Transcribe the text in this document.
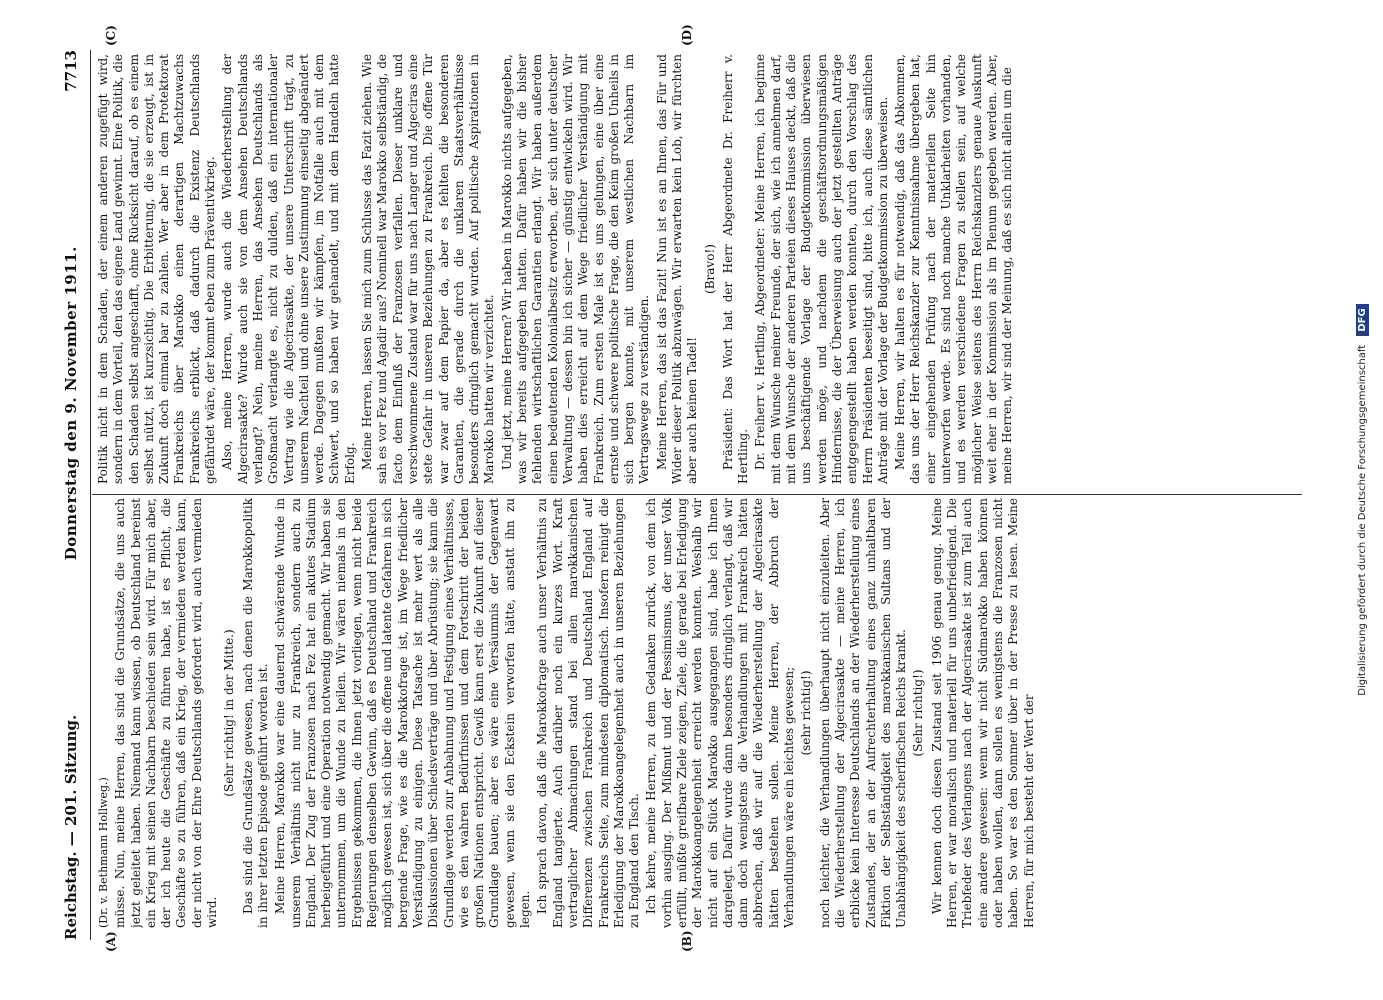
Reichstag. — 201. Sitzung.
Donnerstag den 9. November 1911.
7713
(A)	(B)
(C)	(D)

(Dr. v. Bethmann Hollweg.) müsse. Nun, meine Herren, das sind die Grundsätze, die uns auch jetzt geleitet haben. Niemand kann wissen, ob Deutschland bereinst ein Krieg mit seinen Nachbarn beschieden sein wird. Für mich aber, der ich heute die Geschäfte zu führen habe, ist es Pflicht, die Geschäfte so zu führen, daß ein Krieg, der vermieden werden kann, der nicht von der Ehre Deutschlands gefordert wird, auch vermieden wird.

(Sehr richtig! in der Mitte.) Das sind die Grundsätze gewesen, nach denen die Marokkopolitik in ihrer letzten Episode geführt worden ist. Meine Herren, Marokko war eine dauernd schwärende Wunde in unserem Verhältnis nicht nur zu Frankreich, sondern auch zu England. Der Zug der Franzosen nach Fez hat ein akutes Stadium herbeigeführt und eine Operation notwendig gemacht. Wir haben sie unternommen, um die Wunde zu heilen. Wir wären niemals in den Ergebnissen gekommen, die Ihnen jetzt vorliegen, wenn nicht beide Regierungen denselben Gewinn, daß es Deutschland und Frankreich möglich gewesen ist, sich über die offene und latente Gefahren in sich bergende Frage, wie es die Marokkofrage ist, im Wege friedlicher Verständigung zu einigen. Diese Tatsache ist mehr wert als alle Diskussionen über Schiedsverträge und über Abrüstung; sie kann die Grundlage werden zur Anbahnung und Festigung eines Verhältnisses, wie es den wahren Bedürfnissen und dem Fortschritt der beiden großen Nationen entspricht. Gewiß kann erst die Zukunft auf dieser Grundlage bauen; aber es wäre eine Versäumnis der Gegenwart gewesen, wenn sie den Eckstein verworfen hätte, anstatt ihn zu legen. Ich sprach davon, daß die Marokkofrage auch unser Verhältnis zu England tangierte. Auch darüber noch ein kurzes Wort. Kraft vertraglicher Abmachungen stand bei allen marokkanischen Differenzen zwischen Frankreich und Deutschland England auf Frankreichs Seite, zum mindesten diplomatisch. Insofern reinigt die Erledigung der Marokkoangelegenheit auch in unseren Beziehungen zu England den Tisch. Ich kehre, meine Herren, zu dem Gedanken zurück, von dem ich vorhin ausging. Der Mißmut und der Pessimismus, der unser Volk erfüllt, müßte greifbare Ziele zeigen, Ziele, die gerade bei Erledigung der Marokkoangelegenheit erreicht werden konnten. Weshalb wir nicht auf ein Stück Marokko ausgegangen sind, habe ich Ihnen dargelegt. Dafür wurde dann besonders dringlich verlangt, daß wir dann doch wenigstens die Verhandlungen mit Frankreich hätten abbrechen, daß wir auf die Wiederherstellung der Algecirasakte hätten bestehen sollen. Meine Herren, der Abbruch der Verhandlungen wäre ein leichtes gewesen; (sehr richtig!) noch leichter, die Verhandlungen überhaupt nicht einzuleiten. Aber die Wiederherstellung der Algecirasakte — meine Herren, ich erblicke kein Interesse Deutschlands an der Wiederherstellung eines Zustandes, der an der Aufrechterhaltung eines ganz unhaltbaren Fiktion der Selbständigkeit des marokkanischen Sultans und der Unabhängigkeit des scherifischen Reichs krankt. (Sehr richtig!) Wir kennen doch diesen Zustand seit 1906 genau genug. Meine Herren, er war moralisch und materiell für uns unbefriedigend. Die Triebfeder des Verlangens nach der Algecirasakte ist zum Teil auch eine andere gewesen: wenn wir nicht Südmarokko haben können oder haben wollen, dann sollen es wenigstens die Franzosen nicht haben. So war es den Sommer über in der Presse zu lesen. Meine Herren, für mich besteht der Wert der

Politik nicht in dem Schaden, der einem anderen zugefügt wird, sondern in dem Vorteil, den das eigene Land gewinnt. Eine Politik, die den Schaden selbst angeschafft, ohne Rücksicht darauf, ob es einem selbst nützt, ist kurzsichtig. Die Erbitterung, die sie erzeugt, ist in Zukunft doch einmal bar zu zahlen. Wer aber in dem Protektorat Frankreichs über Marokko einen derartigen Machtzuwachs Frankreichs erblickt, daß dadurch die Existenz Deutschlands gefährdet wäre, der kommt eben zum Präventivkrieg. Also, meine Herren, wurde auch die Wiederherstellung der Algecirasakte? Wurde auch sie von dem Ansehen Deutschlands verlangt? Nein, meine Herren, das Ansehen Deutschlands als Großmacht verlangte es, nicht zu dulden, daß ein internationaler Vertrag wie die Algecirasakte, der unsere Unterschrift trägt, zu unserem Nachteil und ohne unsere Zustimmung einseitig abgeändert werde. Dagegen mußten wir kämpfen, im Notfalle auch mit dem Schwert, und so haben wir gehandelt, und mit dem Handeln hatte Erfolg. Meine Herren, lassen Sie mich zum Schlusse das Fazit ziehen. Wie sah es vor Fez und Agadir aus? Nominell war Marokko selbständig, de facto dem Einfluß der Franzosen verfallen. Dieser unklare und verschwommene Zustand war für uns nach Langer und Algeciras eine stete Gefahr in unseren Beziehungen zu Frankreich. Die offene Tür war zwar auf dem Papier da, aber es fehlten die besonderen Garantien, die gerade durch die unklaren Staatsverhältnisse besonders dringlich gemacht wurden. Auf politische Aspirationen in Marokko hatten wir verzichtet. Und jetzt, meine Herren? Wir haben in Marokko nichts aufgegeben, was wir bereits aufgegeben hatten. Dafür haben wir die bisher fehlenden wirtschaftlichen Garantien erlangt. Wir haben außerdem einen bedeutenden Kolonialbesitz erworben, der sich unter deutscher Verwaltung — dessen bin ich sicher — günstig entwickeln wird. Wir haben dies erreicht auf dem Wege friedlicher Verständigung mit Frankreich. Zum ersten Male ist es uns gelungen, eine über eine ernste und schwere politische Frage, die den Keim großen Unheils in sich bergen konnte, mit unserem westlichen Nachbarn im Vertragswege zu verständigen. Meine Herren, das ist das Fazit! Nun ist es an Ihnen, das Für und Wider dieser Politik abzuwägen. Wir erwarten kein Lob, wir fürchten aber auch keinen Tadel!

(Bravo!) Präsident: Das Wort hat der Herr Abgeordnete Dr. Freiherr v. Hertling. Dr. Freiherr v. Hertling, Abgeordneter: Meine Herren, ich beginne mit dem Wunsche meiner Freunde, der sich, wie ich annehmen darf, mit dem Wunsche der anderen Parteien dieses Hauses deckt, daß die uns beschäftigende Vorlage der Budgetkommission überwiesen werden möge, und nachdem die geschäftsordnungsmäßigen Hindernisse, die der Überweisung auch der jetzt gestellten Anträge entgegengestellt haben werden konnten, durch den Vorschlag des Herrn Präsidenten beseitigt sind, bitte ich, auch diese sämtlichen Anträge mit der Vorlage der Budgetkommission zu überweisen. Meine Herren, wir halten es für notwendig, daß das Abkommen, das uns der Herr Reichskanzler zur Kenntnisnahme übergeben hat, einer eingehenden Prüfung nach der materiellen Seite hin unterworfen werde. Es sind noch manche Unklarheiten vorhanden, und es werden verschiedene Fragen zu stellen sein, auf welche möglicher Weise seitens des Herrn Reichskanzlers genaue Auskunft weit eher in der Kommission als im Plenum gegeben werden. Aber, meine Herren, wir sind der Meinung, daß es sich nicht allein um die

Digitalisierung gefördert durch die Deutsche Forschungsgemeinschaft DFG
